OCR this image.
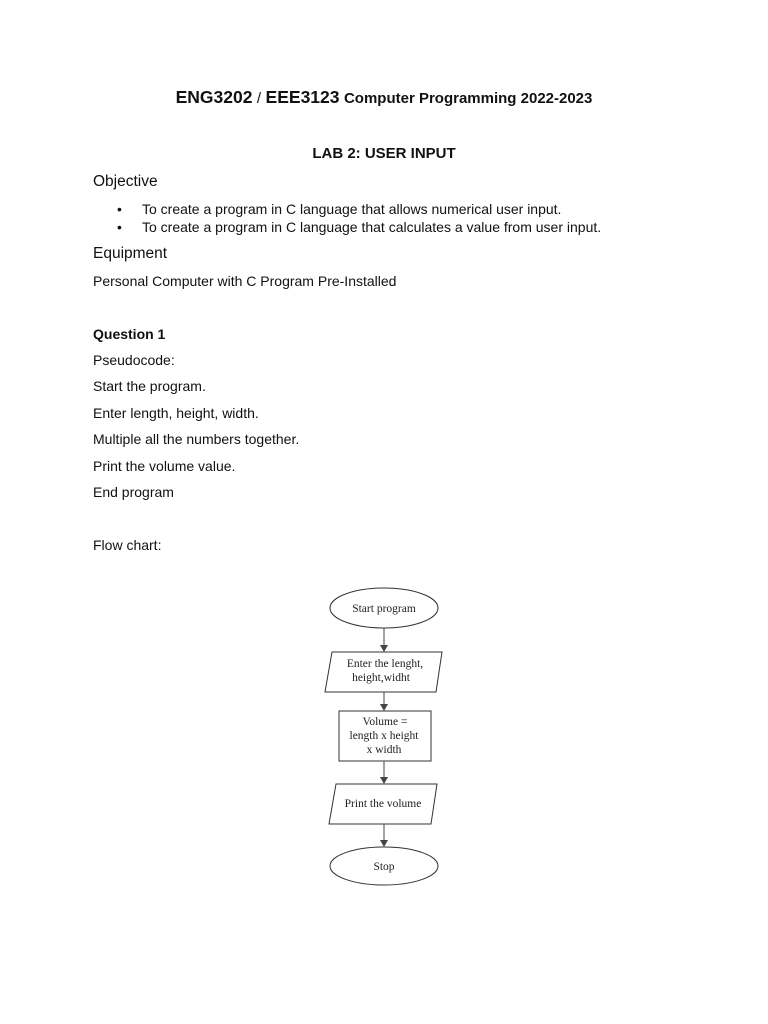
ENG3202 / EEE3123 Computer Programming 2022-2023
LAB 2: USER INPUT
Objective
• To create a program in C language that allows numerical user input.
• To create a program in C language that calculates a value from user input.
Equipment
Personal Computer with C Program Pre-Installed
Question 1
Pseudocode:
Start the program.
Enter length, height, width.
Multiple all the numbers together.
Print the volume value.
End program
Flow chart:
Start program
Enter the lenght,
height,widht
Volume =
length x height
x width
Print the volume
Stop
